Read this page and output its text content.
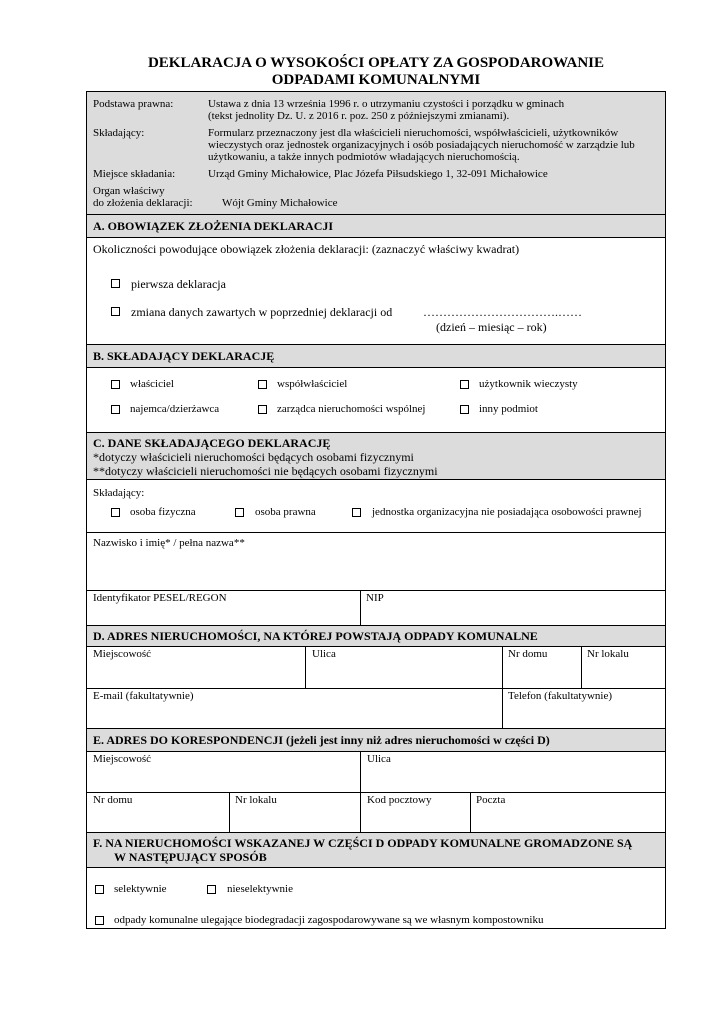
DEKLARACJA O WYSOKOŚCI OPŁATY ZA GOSPODAROWANIE
ODPADAMI KOMUNALNYMI
Podstawa prawna:	Ustawa z dnia 13 września 1996 r. o utrzymaniu czystości i porządku w gminach
(tekst jednolity Dz. U. z 2016 r. poz. 250 z późniejszymi zmianami).
Składający:	Formularz przeznaczony jest dla właścicieli nieruchomości, współwłaścicieli, użytkowników
wieczystych oraz jednostek organizacyjnych i osób posiadających nieruchomość w zarządzie lub
użytkowaniu, a także innych podmiotów władających nieruchomością.
Miejsce składania:	Urząd Gminy Michałowice, Plac Józefa Piłsudskiego 1, 32-091 Michałowice
Organ właściwy
do złożenia deklaracji:	Wójt Gminy Michałowice
A. OBOWIĄZEK ZŁOŻENIA DEKLARACJI
Okoliczności powodujące obowiązek złożenia deklaracji: (zaznaczyć właściwy kwadrat)
pierwsza deklaracja
zmiana danych zawartych w poprzedniej deklaracji od	…………………………….……
(dzień – miesiąc – rok)
B. SKŁADAJĄCY DEKLARACJĘ
właściciel	współwłaściciel	użytkownik wieczysty
najemca/dzierżawca	zarządca nieruchomości wspólnej	inny podmiot
C. DANE SKŁADAJĄCEGO DEKLARACJĘ
*dotyczy właścicieli nieruchomości będących osobami fizycznymi
**dotyczy właścicieli nieruchomości nie będących osobami fizycznymi
Składający:
osoba fizyczna	osoba prawna	jednostka organizacyjna nie posiadająca osobowości prawnej
Nazwisko i imię* / pełna nazwa**
Identyfikator PESEL/REGON	NIP
D. ADRES NIERUCHOMOŚCI, NA KTÓREJ POWSTAJĄ ODPADY KOMUNALNE
Miejscowość	Ulica	Nr domu	Nr lokalu
E-mail (fakultatywnie)	Telefon (fakultatywnie)
E. ADRES DO KORESPONDENCJI (jeżeli jest inny niż adres nieruchomości w części D)
Miejscowość	Ulica
Nr domu	Nr lokalu	Kod pocztowy	Poczta
F. NA NIERUCHOMOŚCI WSKAZANEJ W CZĘŚCI D ODPADY KOMUNALNE GROMADZONE SĄ
W NASTĘPUJĄCY SPOSÓB
selektywnie	nieselektywnie
odpady komunalne ulegające biodegradacji zagospodarowywane są we własnym kompostowniku
